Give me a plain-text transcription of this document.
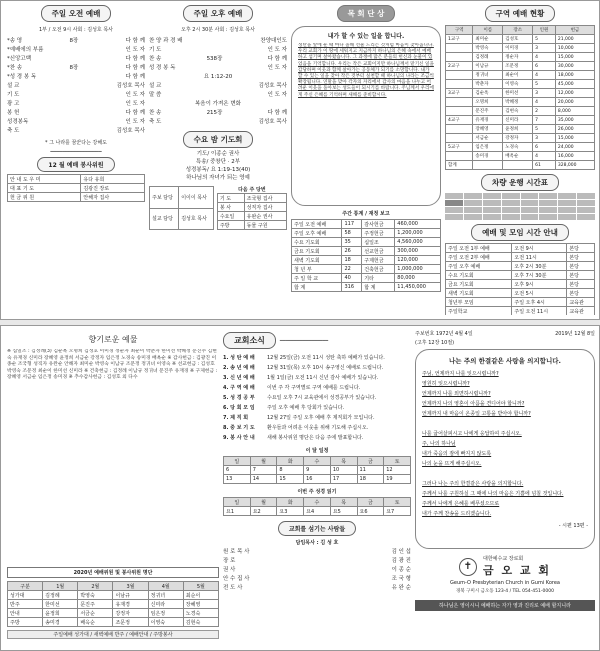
주일 오전 예배
1부 / 오전 9시 사회 : 김성호 목사
*송 영	8장	다 함 께
*예배에의 부름	인 도 자
*신앙고백	다 함 께
*찬 송	8장	다 함 께
*성 경 봉 독	다 함 께
설 교	김성호 목사
기 도	인 도 자
광 고	인 도 자
봉 헌	다 함 께
성경봉독	인 도 자
축 도	김성호 목사
* 그 나라를 꿈꾼다는 강해도
━━━━━━━━━━━━━━━━━
12 월 예배 봉사위원
안 내 도 우 미	유다 유희
대 표 기 도	김광진 장로
헌 금 위 원	안해자 집사
주일 오후 예배
오후 2시 30분 사회 : 김성호 목사
찬 양 과 경 배	찬양대인도
기 도	인 도 자
찬 송	538장	다 함 께
성 경 봉 독	인 도 자
요 1:12-20
설 교	김성호 목사
말 씀	인 도 자
복음이 가져온 변화
찬 송	215장	다 함 께
축 도	김성호 목사
수요 밤 기도회
기도/ 이종순 권사
특송/ 중창단 · 2부
성경봉독/ 요 1:19-13(40)
하나님의 자녀가 되는 영예
주보 담당	이이이 목사
설교 담당	김성호 목사
다음 주 당번
기 도	조국형 집사
봉 사	성직자 집사
수요일	유완순 권사
주방	동물 구원
목 회 단 상
내가 할 수 있는 일을 합니다.
성탄을 앞에 둔 때 마다 올해 선물 드리는 것처럼 마음이 찾아옵니다. 우리 교회가 이 땅에 세워지고 지금까지 하나님의 은혜 속에서 예배하고 섬기며 살아왔습니다. 그 과정에 많은 분들의 헌신과 눈물이 있었음을 기억합니다. 우리는 작은 교회이지만 하나님께서 맡기신 일을 감당하며 이웃과 함께 살아가는 공동체가 되기를 소망합니다. 내가 할 수 있는 일을 찾아 작은 것부터 실천할 때 하나님의 나라는 조금씩 확장됩니다. 연말을 맞아 각자의 자리에서 감사의 마음을 나누고 어려운 이웃을 돌아보는 성도들이 되시기를 바랍니다. 주님께서 우리에게 주신 은혜를 기억하며 새해를 준비합시다.
주간 통계 / 재정 보고
주일 오전 예배	117	감사헌금	460,000
주일 오후 예배	58	주정헌금	1,200,000
수요 기도회	35	십일조	4,560,000
금요 기도회	26	선교헌금	300,000
새벽 기도회	18	구제헌금	120,000
청 년 부	22	건축헌금	1,000,000
주 일 학 교	40	기타	80,000
합 계	316	합 계	11,450,000
구역 예배 현황
구역	이름	장소	인원	헌금
1교구	최미순	김성호	5	21,000
	박영숙	이미경	3	10,000
	김정례	정순자	4	15,000
2교구	이남규	조문정	6	30,000
	정귀녀	최순이	4	18,000
	박춘자	이영숙	5	45,000
3교구	김순옥	한미선	3	12,000
	오명희	박혜정	4	20,000
	문진주	김현숙	2	8,000
4교구	유재경	신미라	7	35,000
	장혜영	윤정희	5	26,000
	서금순	강정자	3	15,000
5교구	임은정	노경숙	6	24,000
	송미경	배옥순	4	16,000
합계			61	328,000
차량 운행 시간표
예배 및 모임 시간 안내
주일 오전 1부 예배	오전 9시	본당
주일 오전 2부 예배	오전 11시	본당
주일 오후 예배	오후 2시 30분	본당
수요 기도회	오후 7시 30분	본당
금요 기도회	오후 9시	본당
새벽 기도회	오전 5시	본당
청년부 모임	주일 오후 4시	교육관
주일학교	주일 오전 11시	교육관
향기로운 예물
※ 십일조 : 김정례(3) 김순옥 오명희 김성호 이미경 정순자 최순이 박춘자 한미선 박혜정 문진주 김현숙 유재경 신미라 장혜영 윤정희 서금순 강정자 임은정 노경숙 송미경 배옥순 ※ 감사헌금 : 김광진 이종순 조국형 성직자 유완순 안해자 최미순 박영숙 이남규 조문정 정귀녀 이영숙 ※ 선교헌금 : 김성호 박영숙 조문정 최순이 한미선 신미라 ※ 건축헌금 : 김정례 이남규 정귀녀 문진주 유재경 ※ 구제헌금 : 장혜영 서금순 임은정 송미경 ※ 추수감사헌금 : 김성호 외 다수
2020년 예배위원 및 봉사위원 명단
구분	1월	2월	3월	4월	5월
성가대	김정례	박영숙	이남규	정귀녀	최순이
반주	한미선	문진주	유재경	신미라	장혜영
안내	윤정희	서금순	강정자	임은정	노경숙
주방	송미경	배옥순	조문정	이영숙	김현숙
주일예배 성가대 / 새벽예배 반주 / 예배안내 / 주방봉사
교회소식	━━━━━━━━━━━━━━━━
1. 성 탄 예 배	12월 25일(금) 오전 11시 성탄 축하 예배가 있습니다.
2. 송 년 예 배	12월 31일(목) 오후 10시 송구영신 예배로 드립니다.
3. 신 년 예 배	1월 1일(금) 오전 11시 신년 감사 예배가 있습니다.
4. 구 역 예 배	이번 주 각 구역별로 구역 예배를 드립니다.
5. 성 경 공 부	수요일 오후 7시 교육관에서 성경공부가 있습니다.
6. 당 회 모 임	주일 오후 예배 후 당회가 있습니다.
7. 제 직 회	12월 27일 주일 오후 예배 후 제직회가 모입니다.
8. 중 보 기 도	환우들과 어려운 이웃을 위해 기도해 주십시오.
9. 봉 사 안 내	새해 봉사위원 명단은 다음 주에 발표합니다.
이 달 일정
일	월	화	수	목	금	토
6	7	8	9	10	11	12
13	14	15	16	17	18	19
이번 주 성경 읽기
일	월	화	수	목	금	토
요1	요2	요3	요4	요5	요6	요7
교회를 섬기는 사람들
담임목사 : 김 성 호
원 로 목 사	김 인 섭
장 로	김 광 진
권 사	이 종 순
안 수 집 사	조 국 형
전 도 사	유 완 순
주보번호 1972년 4월 4일	2019년 12월 8일
(고후 12장 10절)
나는 주의 한결같은 사랑을 의지합니다.
주님, 언제까지 나를 잊으시렵니까?
영원히 잊으시렵니까?
언제까지 나를 외면하시렵니까?
언제까지 나의 영혼이 아픔을 견디어야 합니까?
언제까지 내 마음이 온종일 고통을 받아야 합니까?

나를 굽어살피시고 나에게 응답하여 주십시오.
주, 나의 하나님
내가 죽음의 잠에 빠지지 않도록
나의 눈을 뜨게 해주십시오.

그러나 나는 주의 한결같은 사랑을 의지합니다.
주께서 나를 구원하실 그 때에 나의 마음은 기쁨에 넘칠 것입니다.
주께서 나에게 은혜를 베푸셨으므로
내가 주께 찬송을 드리겠습니다.
- 시편 13편 -
✝
대한예수교 장로회
금 오 교 회
Geum-O Presbyterian Church in Gumi Korea
경북 구미시 금오동 123-4 / TEL 054-451-0000
하나님은 영이시니 예배하는 자가 영과 진리로 예배 할지니라
